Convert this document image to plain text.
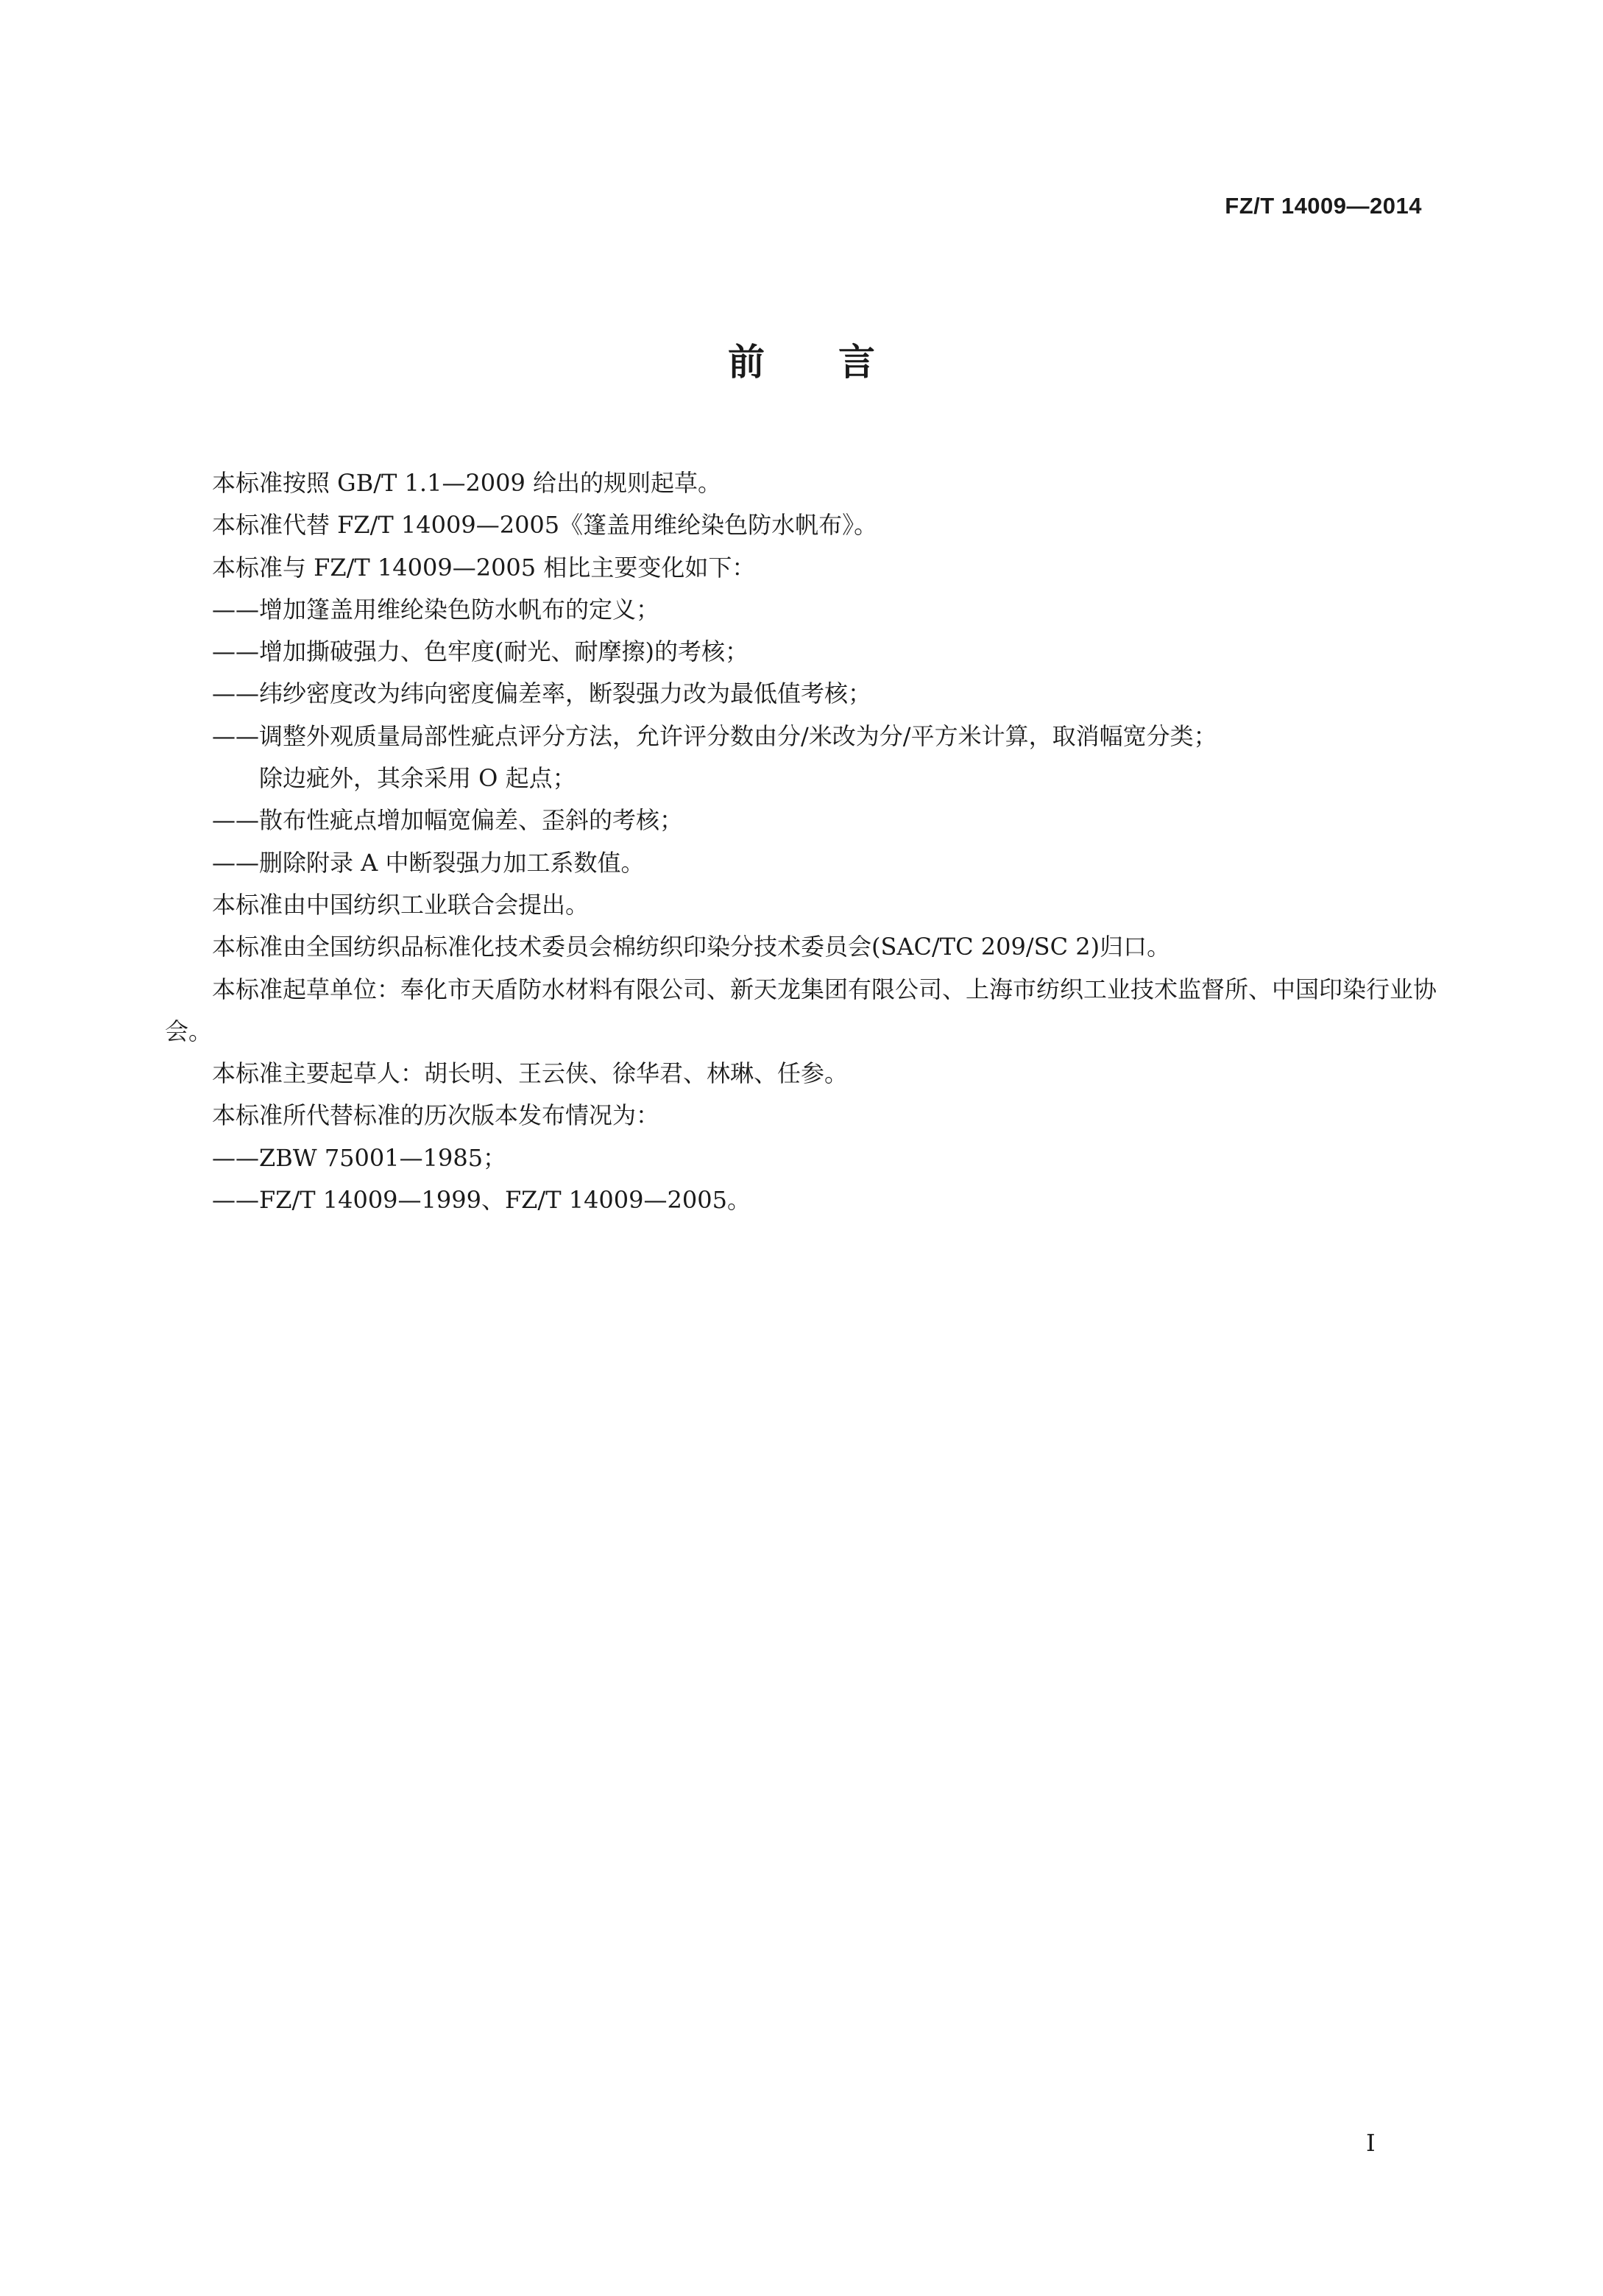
FZ/T 14009—2014
前言

本标准按照 GB/T 1.1—2009 给出的规则起草。

本标准代替 FZ/T 14009—2005《篷盖用维纶染色防水帆布》。

本标准与 FZ/T 14009—2005 相比主要变化如下：

——增加篷盖用维纶染色防水帆布的定义；

——增加撕破强力、色牢度(耐光、耐摩擦)的考核；

——纬纱密度改为纬向密度偏差率，断裂强力改为最低值考核；

——调整外观质量局部性疵点评分方法，允许评分数由分/米改为分/平方米计算，取消幅宽分类；

除边疵外，其余采用 O 起点；

——散布性疵点增加幅宽偏差、歪斜的考核；

——删除附录 A 中断裂强力加工系数值。

本标准由中国纺织工业联合会提出。

本标准由全国纺织品标准化技术委员会棉纺织印染分技术委员会(SAC/TC 209/SC 2)归口。

本标准起草单位：奉化市天盾防水材料有限公司、新天龙集团有限公司、上海市纺织工业技术监督所、中国印染行业协会。

本标准主要起草人：胡长明、王云侠、徐华君、林琳、任参。

本标准所代替标准的历次版本发布情况为：

——ZBW 75001—1985；

——FZ/T 14009—1999、FZ/T 14009—2005。

I
